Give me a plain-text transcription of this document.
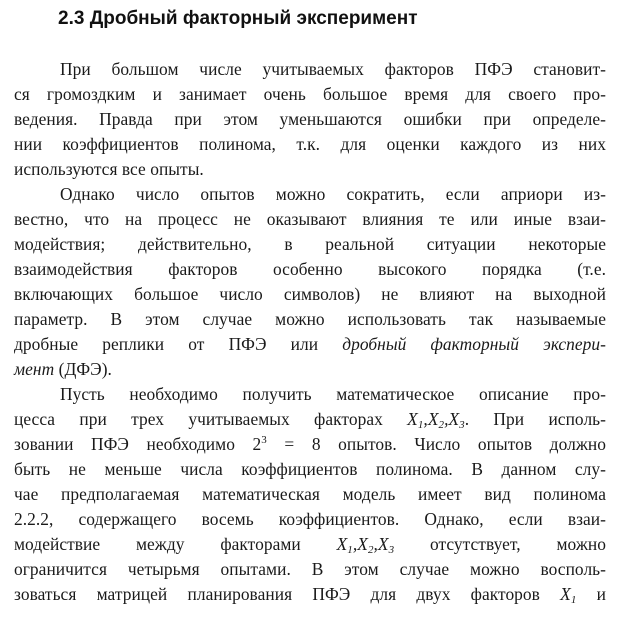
2.3 Дробный факторный эксперимент
При большом числе учитываемых факторов ПФЭ становит-
ся громоздким и занимает очень большое время для своего про-
ведения. Правда при этом уменьшаются ошибки при определе-
нии коэффициентов полинома, т.к. для оценки каждого из них
используются все опыты.
Однако число опытов можно сократить, если априори из-
вестно, что на процесс не оказывают влияния те или иные взаи-
модействия; действительно, в реальной ситуации некоторые
взаимодействия факторов особенно высокого порядка (т.е.
включающих большое число символов) не влияют на выходной
параметр. В этом случае можно использовать так называемые
дробные реплики от ПФЭ или дробный факторный экспери-
мент (ДФЭ).
Пусть необходимо получить математическое описание про-
цесса при трех учитываемых факторах $X_1,X_2,X_3$. При исполь-
зовании ПФЭ необходимо $2^3 = 8$ опытов. Число опытов должно
быть не меньше числа коэффициентов полинома. В данном слу-
чае предполагаемая математическая модель имеет вид полинома
2.2.2, содержащего восемь коэффициентов. Однако, если взаи-
модействие между факторами $X_1,X_2,X_3$ отсутствует, можно
ограничится четырьмя опытами. В этом случае можно восполь-
зоваться матрицей планирования ПФЭ для двух факторов $X_1$ и
